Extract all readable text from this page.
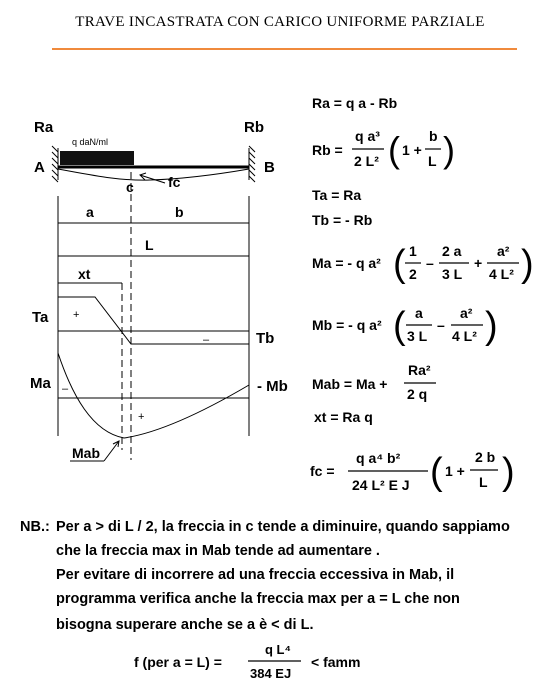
TRAVE INCASTRATA CON CARICO UNIFORME PARZIALE
Ra	Rb
A	B
q daN/ml
c fc
a	b
L
xt
Ta +
–	Tb
Ma –
+
- Mb
Mab
Ra = q a - Rb
Rb =
q a³
2 L² ( 1 +
b
L )
Ta = Ra
Tb = - Rb
Ma = - q a² ( 1
2
–
2 a
3 L
+
a²
4 L² )
Mb = - q a² ( a
3 L
–
a²
4 L² )
Mab = Ma +
Ra²
2 q
xt = Ra q
fc =
q a⁴ b²
24 L² E J ( 1 +
2 b
L )
f (per a = L) =
q L⁴
384 EJ
< famm
NB.: Per a > di L / 2, la freccia in c tende a diminuire, quando sappiamo
che la freccia max in Mab tende ad aumentare .
Per evitare di incorrere ad una freccia eccessiva in Mab, il
programma verifica anche la freccia max per a = L che non
bisogna superare anche se a è < di L.
